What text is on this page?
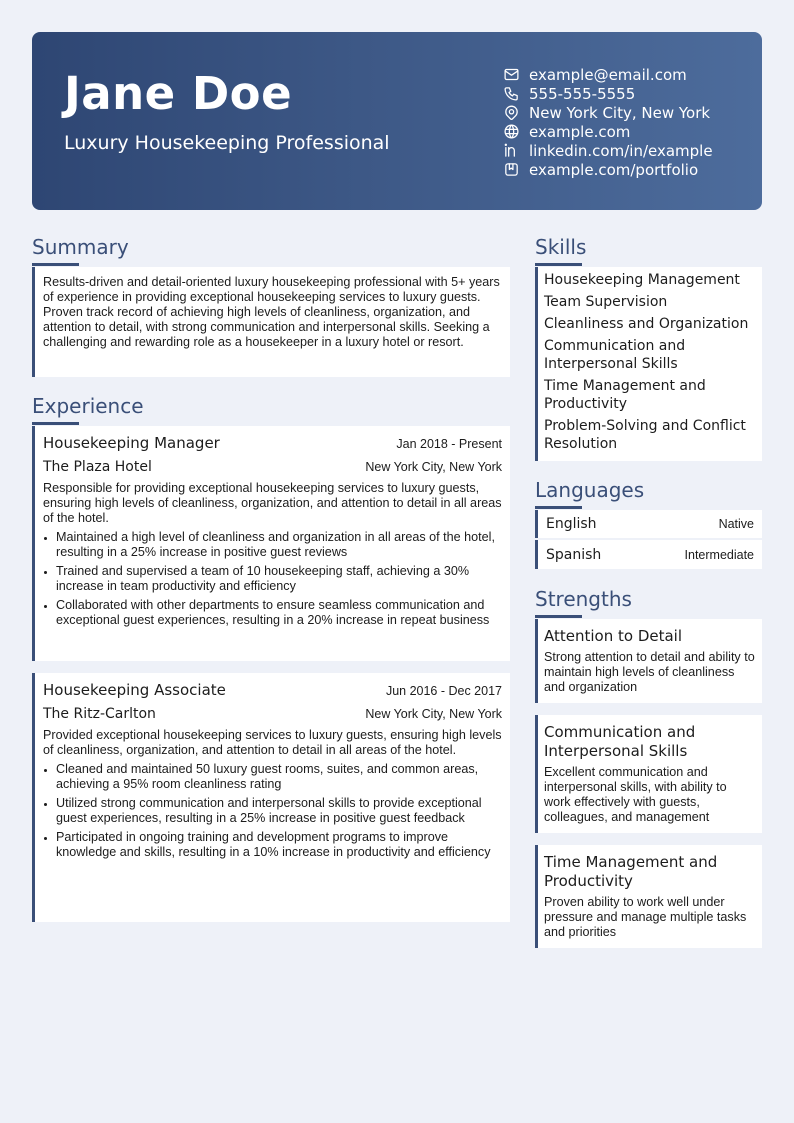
Jane Doe
Luxury Housekeeping Professional
example@email.com
555-555-5555
New York City, New York
example.com
linkedin.com/in/example
example.com/portfolio
Summary
Results-driven and detail-oriented luxury housekeeping professional with 5+ years of experience in providing exceptional housekeeping services to luxury guests. Proven track record of achieving high levels of cleanliness, organization, and attention to detail, with strong communication and interpersonal skills. Seeking a challenging and rewarding role as a housekeeper in a luxury hotel or resort.
Experience
Housekeeping Manager	Jan 2018 - Present
The Plaza Hotel	New York City, New York
Responsible for providing exceptional housekeeping services to luxury guests, ensuring high levels of cleanliness, organization, and attention to detail in all areas of the hotel.
Maintained a high level of cleanliness and organization in all areas of the hotel, resulting in a 25% increase in positive guest reviews
Trained and supervised a team of 10 housekeeping staff, achieving a 30% increase in team productivity and efficiency
Collaborated with other departments to ensure seamless communication and exceptional guest experiences, resulting in a 20% increase in repeat business
Housekeeping Associate	Jun 2016 - Dec 2017
The Ritz-Carlton	New York City, New York
Provided exceptional housekeeping services to luxury guests, ensuring high levels of cleanliness, organization, and attention to detail in all areas of the hotel.
Cleaned and maintained 50 luxury guest rooms, suites, and common areas, achieving a 95% room cleanliness rating
Utilized strong communication and interpersonal skills to provide exceptional guest experiences, resulting in a 25% increase in positive guest feedback
Participated in ongoing training and development programs to improve knowledge and skills, resulting in a 10% increase in productivity and efficiency
Skills
Housekeeping Management
Team Supervision
Cleanliness and Organization
Communication and Interpersonal Skills
Time Management and Productivity
Problem-Solving and Conflict Resolution
Languages
English	Native
Spanish	Intermediate
Strengths
Attention to Detail
Strong attention to detail and ability to maintain high levels of cleanliness and organization
Communication and Interpersonal Skills
Excellent communication and interpersonal skills, with ability to work effectively with guests, colleagues, and management
Time Management and Productivity
Proven ability to work well under pressure and manage multiple tasks and priorities
